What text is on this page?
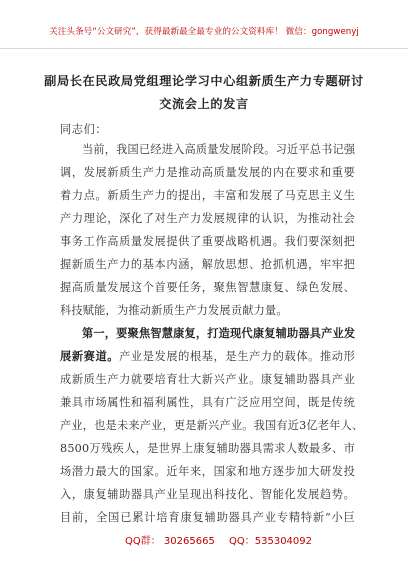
关注头条号“公文研究”，获得最新最全最专业的公文资料库！ 微信：gongwenyj
副局长在民政局党组理论学习中心组新质生产力专题研讨
交流会上的发言
同志们：
当前，我国已经进入高质量发展阶段。习近平总书记强
调，发展新质生产力是推动高质量发展的内在要求和重要
着力点。新质生产力的提出，丰富和发展了马克思主义生
产力理论，深化了对生产力发展规律的认识，为推动社会
事务工作高质量发展提供了重要战略机遇。我们要深刻把
握新质生产力的基本内涵，解放思想、抢抓机遇，牢牢把
握高质量发展这个首要任务，聚焦智慧康复、绿色发展、
科技赋能，为推动新质生产力发展贡献力量。
第一，要聚焦智慧康复，打造现代康复辅助器具产业发
展新赛道。产业是发展的根基，是生产力的载体。推动形
成新质生产力就要培育壮大新兴产业。康复辅助器具产业
兼具市场属性和福利属性，具有广泛应用空间，既是传统
产业，也是未来产业，更是新兴产业。我国有近3亿老年人、
8500万残疾人，是世界上康复辅助器具需求人数最多、市
场潜力最大的国家。近年来，国家和地方逐步加大研发投
入，康复辅助器具产业呈现出科技化、智能化发展趋势。
目前，全国已累计培育康复辅助器具产业专精特新“小巨
QQ群： 30265665 QQ：535304092
